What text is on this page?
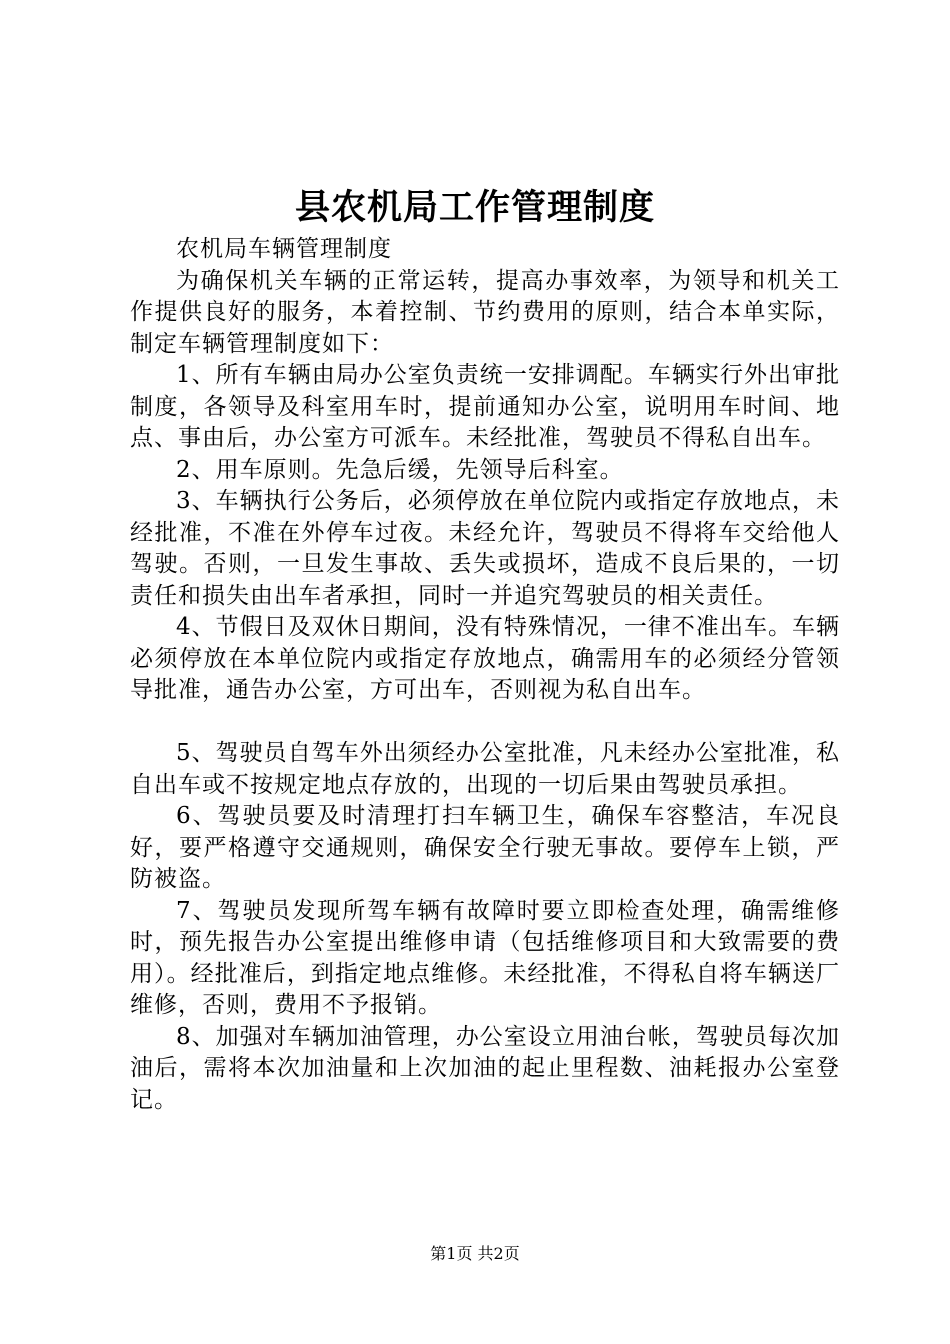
县农机局工作管理制度

农机局车辆管理制度

为确保机关车辆的正常运转，提高办事效率，为领导和机关工作提供良好的服务，本着控制、节约费用的原则，结合本单实际，制定车辆管理制度如下：

1、所有车辆由局办公室负责统一安排调配。车辆实行外出审批制度，各领导及科室用车时，提前通知办公室，说明用车时间、地点、事由后，办公室方可派车。未经批准，驾驶员不得私自出车。

2、用车原则。先急后缓，先领导后科室。

3、车辆执行公务后，必须停放在单位院内或指定存放地点，未经批准，不准在外停车过夜。未经允许，驾驶员不得将车交给他人驾驶。否则，一旦发生事故、丢失或损坏，造成不良后果的，一切责任和损失由出车者承担，同时一并追究驾驶员的相关责任。

4、节假日及双休日期间，没有特殊情况，一律不准出车。车辆必须停放在本单位院内或指定存放地点，确需用车的必须经分管领导批准，通告办公室，方可出车，否则视为私自出车。

5、驾驶员自驾车外出须经办公室批准，凡未经办公室批准，私自出车或不按规定地点存放的，出现的一切后果由驾驶员承担。

6、驾驶员要及时清理打扫车辆卫生，确保车容整洁，车况良好，要严格遵守交通规则，确保安全行驶无事故。要停车上锁，严防被盗。

7、驾驶员发现所驾车辆有故障时要立即检查处理，确需维修时，预先报告办公室提出维修申请（包括维修项目和大致需要的费用）。经批准后，到指定地点维修。未经批准，不得私自将车辆送厂维修，否则，费用不予报销。

8、加强对车辆加油管理，办公室设立用油台帐，驾驶员每次加油后，需将本次加油量和上次加油的起止里程数、油耗报办公室登记。

第1页 共2页
